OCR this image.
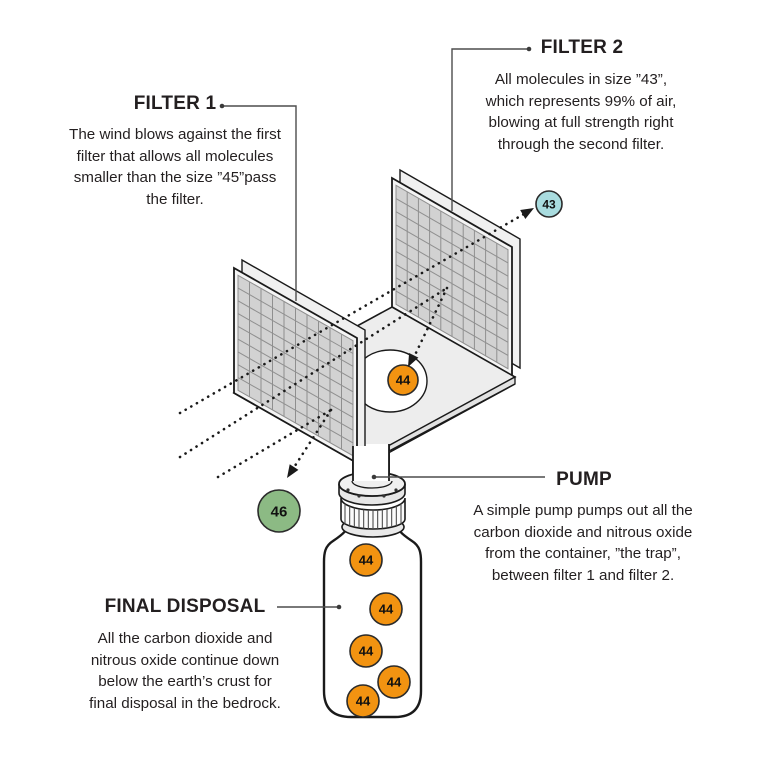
44
44
44
44
44
44
43
46
FILTER 1
The wind blows against the first
filter that allows all molecules
smaller than the size ”45”pass
the filter.
FILTER 2
All molecules in size ”43”,
which represents 99% of air,
blowing at full strength right
through the second filter.
PUMP
A simple pump pumps out all the
carbon dioxide and nitrous oxide
from the container, ”the trap”,
between filter 1 and filter 2.
FINAL DISPOSAL
All the carbon dioxide and
nitrous oxide continue down
below the earth’s crust for
final disposal in the bedrock.
